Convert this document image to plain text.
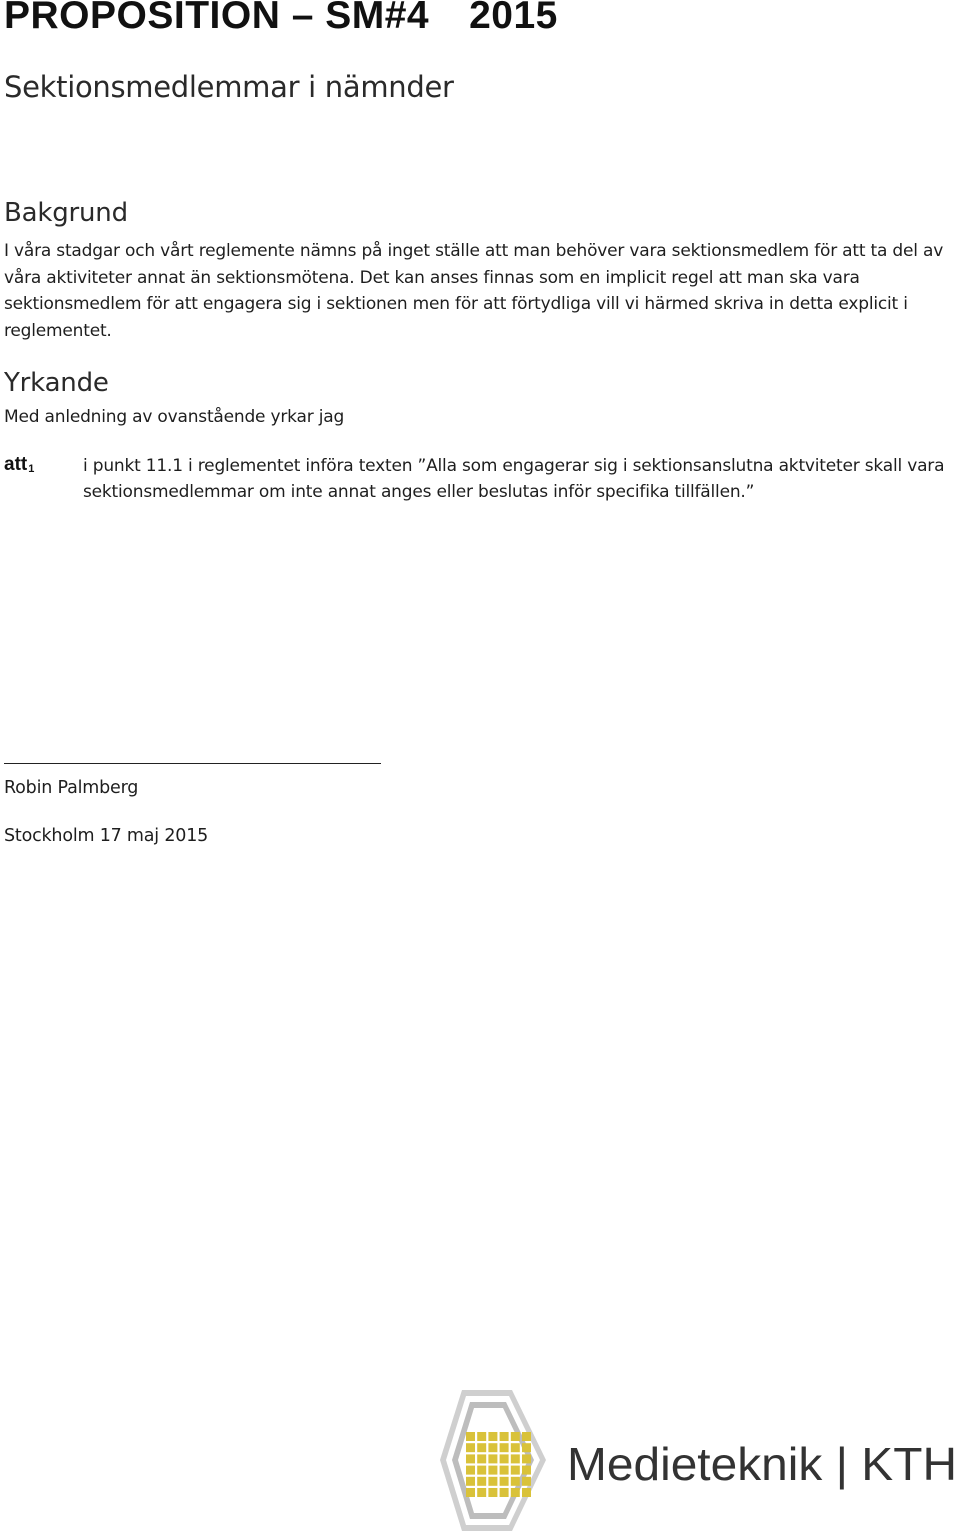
PROPOSITION – SM#4 2015
Sektionsmedlemmar i nämnder
Bakgrund

I våra stadgar och vårt reglemente nämns på inget ställe att man behöver vara sektionsmedlem för att ta del av våra aktiviteter annat än sektionsmötena. Det kan anses finnas som en implicit regel att man ska vara sektionsmedlem för att engagera sig i sektionen men för att förtydliga vill vi härmed skriva in detta explicit i reglementet.

Yrkande

Med anledning av ovanstående yrkar jag

att$_1$	i punkt 11.1 i reglementet införa texten ”Alla som engagerar sig i sektionsanslutna aktviteter skall vara sektionsmedlemmar om inte annat anges eller beslutas inför specifika tillfällen.”

Robin Palmberg

Stockholm 17 maj 2015

Medieteknik | KTH
